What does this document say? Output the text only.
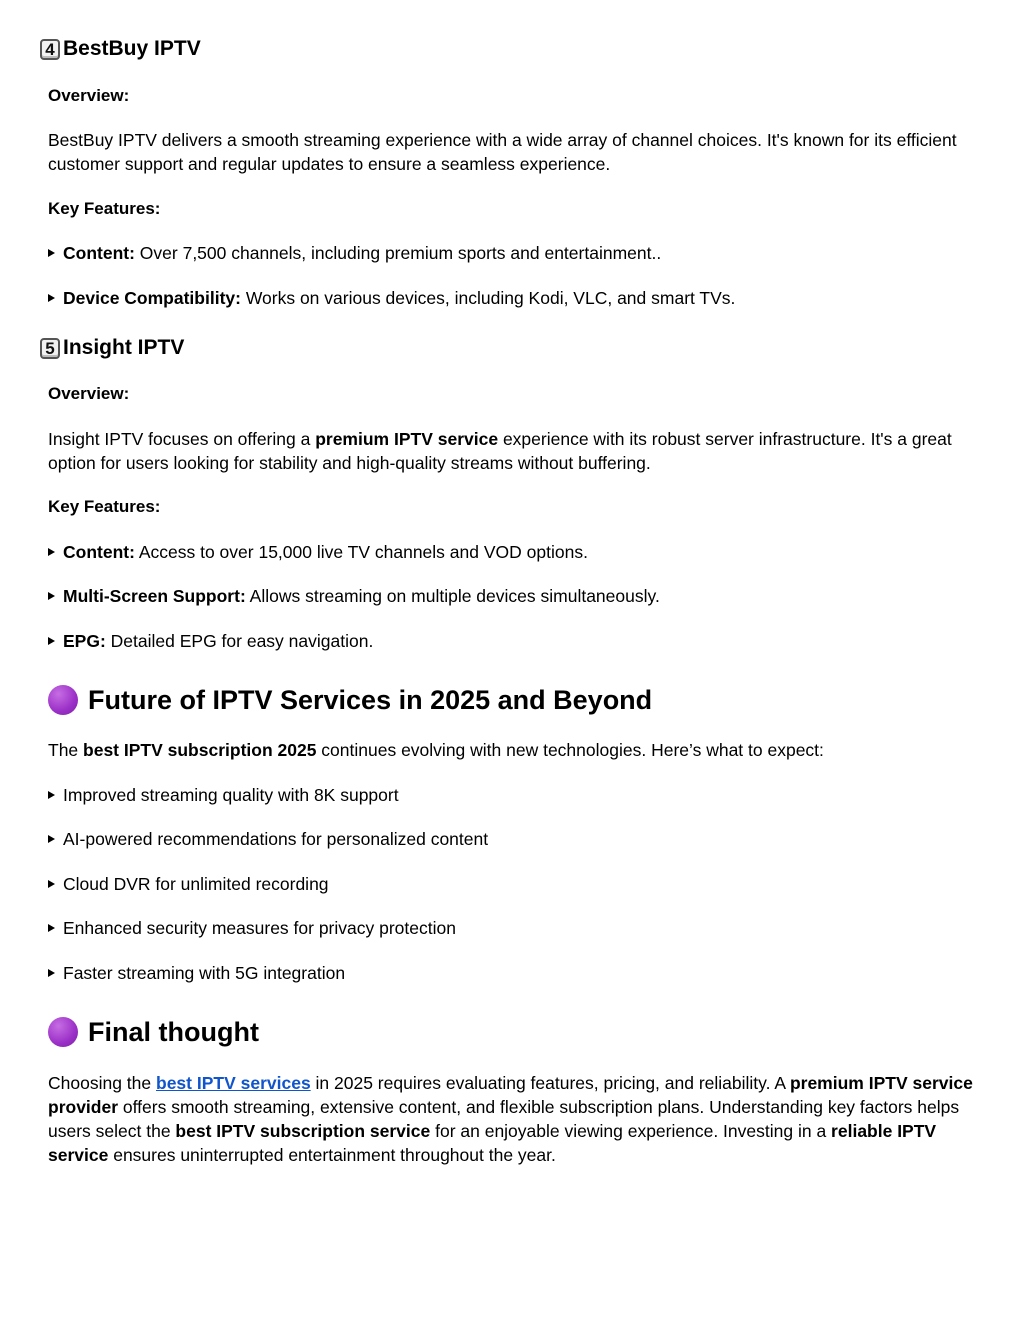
4 BestBuy IPTV
Overview:
BestBuy IPTV delivers a smooth streaming experience with a wide array of channel choices. It's known for its efficient customer support and regular updates to ensure a seamless experience.
Key Features:
Content: Over 7,500 channels, including premium sports and entertainment..
Device Compatibility: Works on various devices, including Kodi, VLC, and smart TVs.
5 Insight IPTV
Overview:
Insight IPTV focuses on offering a premium IPTV service experience with its robust server infrastructure. It's a great option for users looking for stability and high-quality streams without buffering.
Key Features:
Content: Access to over 15,000 live TV channels and VOD options.
Multi-Screen Support: Allows streaming on multiple devices simultaneously.
EPG: Detailed EPG for easy navigation.
Future of IPTV Services in 2025 and Beyond
The best IPTV subscription 2025 continues evolving with new technologies. Here’s what to expect:
Improved streaming quality with 8K support
AI-powered recommendations for personalized content
Cloud DVR for unlimited recording
Enhanced security measures for privacy protection
Faster streaming with 5G integration
Final thought
Choosing the best IPTV services in 2025 requires evaluating features, pricing, and reliability. A premium IPTV service provider offers smooth streaming, extensive content, and flexible subscription plans. Understanding key factors helps users select the best IPTV subscription service for an enjoyable viewing experience. Investing in a reliable IPTV service ensures uninterrupted entertainment throughout the year.
